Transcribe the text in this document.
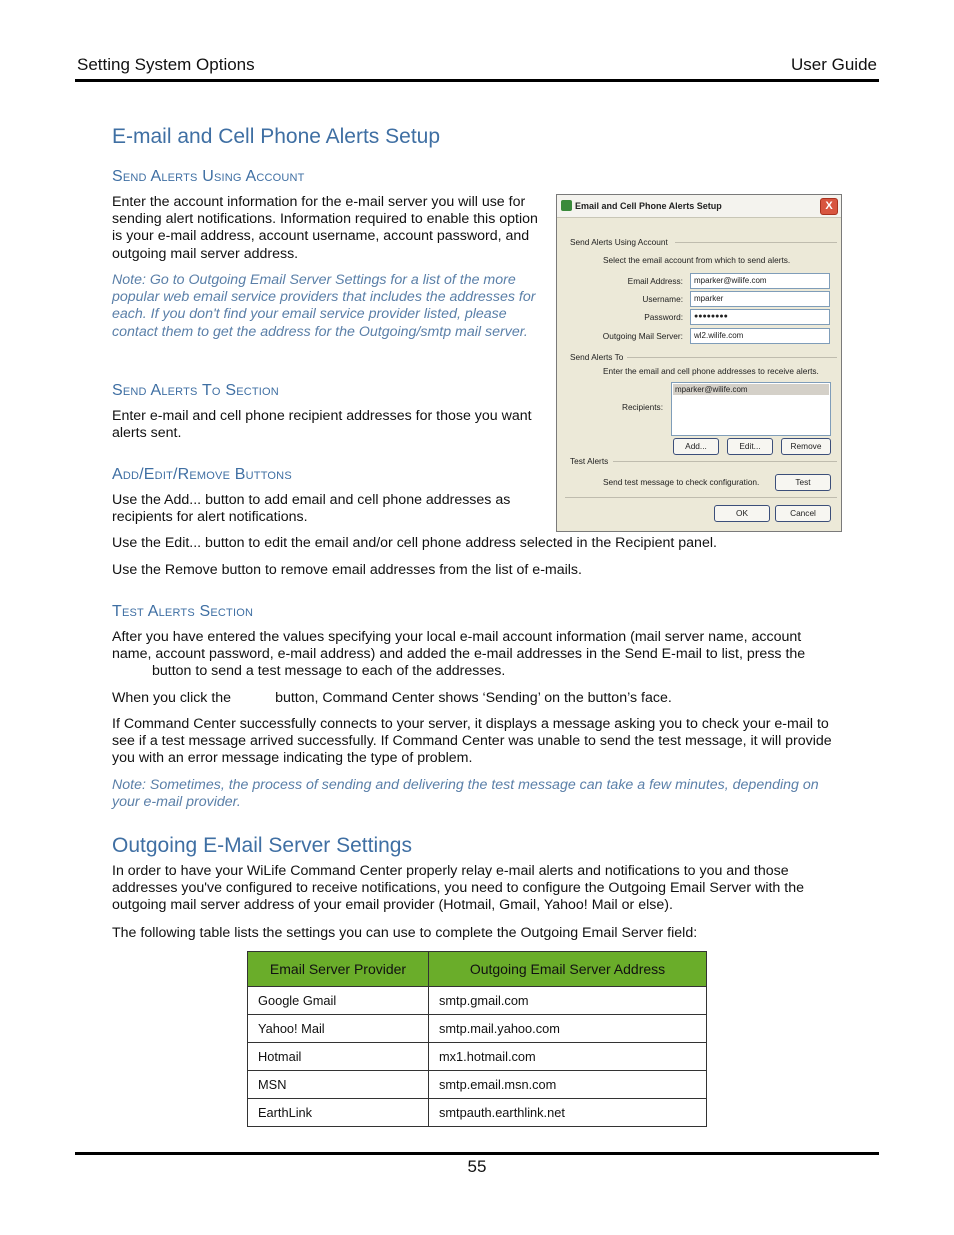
Setting System Options	User Guide
E-mail and Cell Phone Alerts Setup
Send Alerts Using Account

Enter the account information for the e-mail server you will use for sending alert notifications. Information required to enable this option is your e-mail address, account username, account password, and outgoing mail server address.

Note: Go to Outgoing Email Server Settings for a list of the more popular web email service providers that includes the addresses for each. If you don't find your email service provider listed, please contact them to get the address for the Outgoing/smtp mail server.

Send Alerts To Section

Enter e-mail and cell phone recipient addresses for those you want alerts sent.

Add/Edit/Remove Buttons

Use the Add... button to add email and cell phone addresses as recipients for alert notifications.

Use the Edit... button to edit the email and/or cell phone address selected in the Recipient panel.

Use the Remove button to remove email addresses from the list of e-mails.

Test Alerts Section

After you have entered the values specifying your local e-mail account information (mail server name, account name, account password, e-mail address) and added the e-mail addresses in the Send E-mail to list, press the
button to send a test message to each of the addresses.

When you click the	button, Command Center shows ‘Sending’ on the button’s face.

If Command Center successfully connects to your server, it displays a message asking you to check your e-mail to see if a test message arrived successfully. If Command Center was unable to send the test message, it will provide you with an error message indicating the type of problem.

Note: Sometimes, the process of sending and delivering the test message can take a few minutes, depending on your e-mail provider.

Email and Cell Phone Alerts Setup	X
Send Alerts Using Account
Select the email account from which to send alerts.
Email Address:	mparker@wilife.com
Username:	mparker
Password:	●●●●●●●●
Outgoing Mail Server:	wl2.wilife.com
Send Alerts To
Enter the email and cell phone addresses to receive alerts.
Recipients:
mparker@wilife.com
Add...	Edit...	Remove
Test Alerts
Send test message to check configuration.	Test
OK	Cancel
Outgoing E-Mail Server Settings

In order to have your WiLife Command Center properly relay e-mail alerts and notifications to you and those addresses you've configured to receive notifications, you need to configure the Outgoing Email Server with the outgoing mail server address of your email provider (Hotmail, Gmail, Yahoo! Mail or else).

The following table lists the settings you can use to complete the Outgoing Email Server field:

Email Server Provider	Outgoing Email Server Address
Google Gmail	smtp.gmail.com
Yahoo! Mail	smtp.mail.yahoo.com
Hotmail	mx1.hotmail.com
MSN	smtp.email.msn.com
EarthLink	smtpauth.earthlink.net
55
